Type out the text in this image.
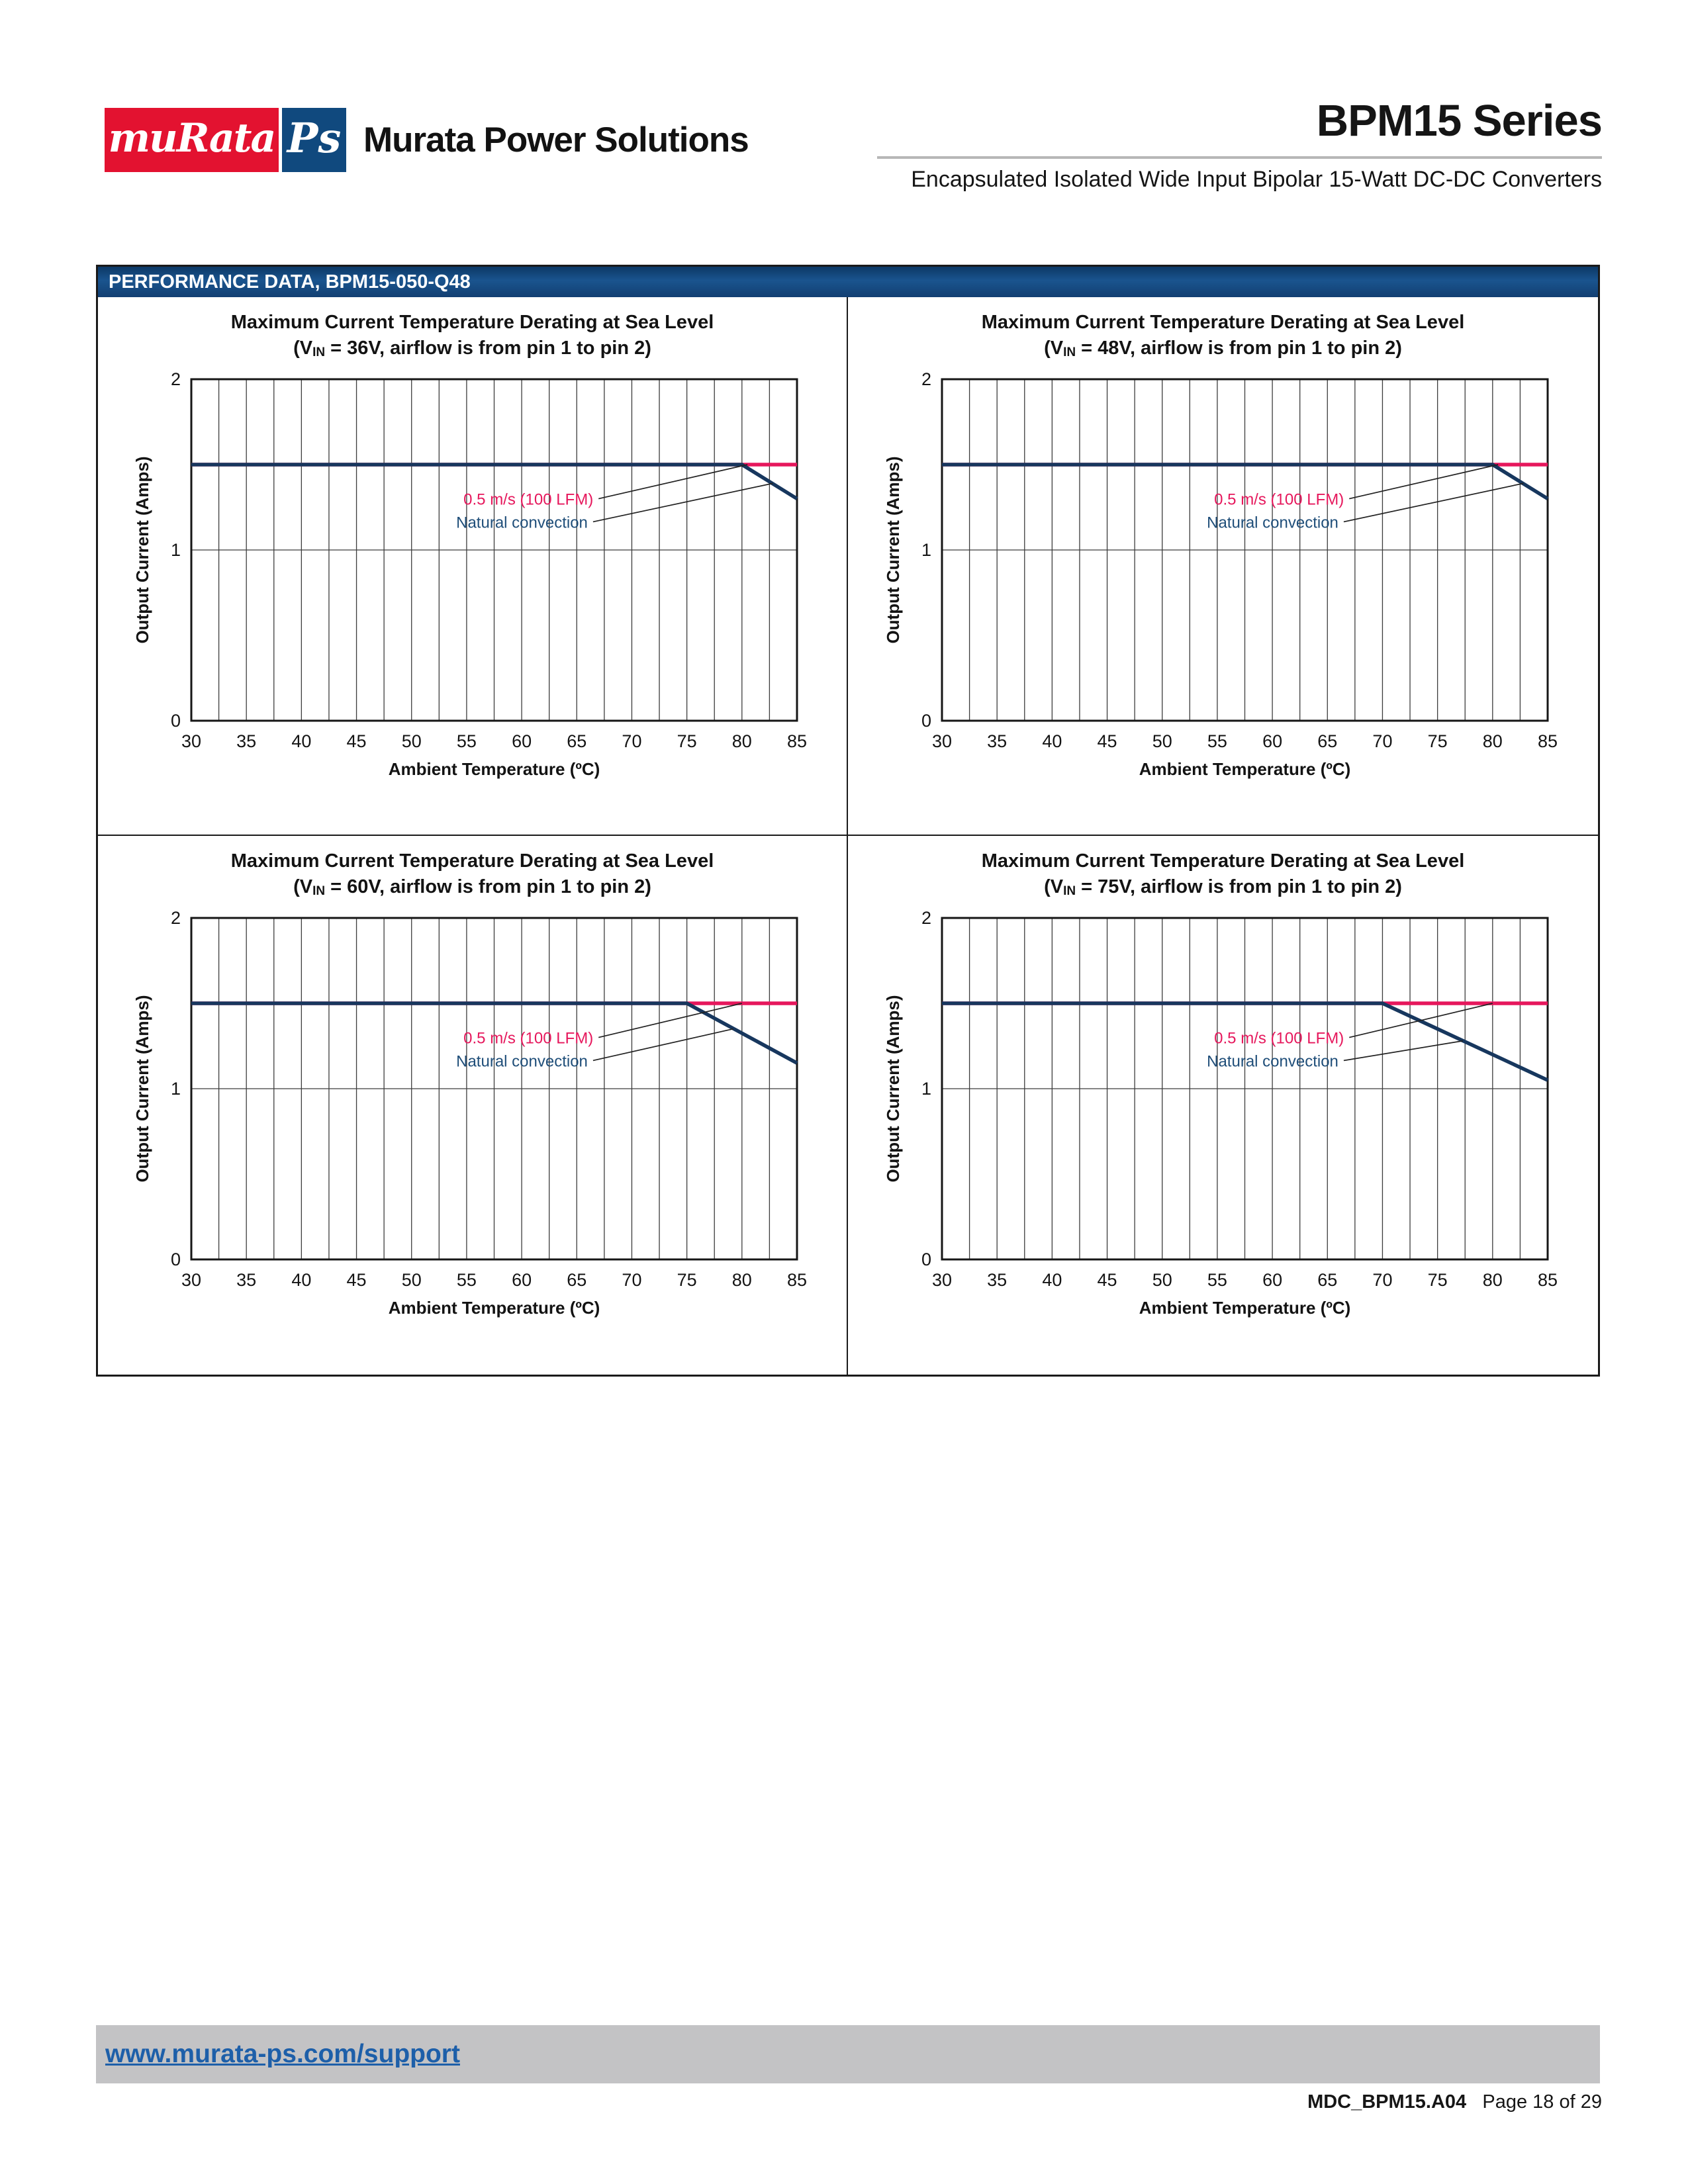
muRata Ps Murata Power Solutions	BPM15 Series
Encapsulated Isolated Wide Input Bipolar 15-Watt DC-DC Converters
PERFORMANCE DATA, BPM15-050-Q48
Maximum Current Temperature Derating at Sea Level
(VIN = 36V, airflow is from pin 1 to pin 2)
0.5 m/s (100 LFM)
Natural convection
0
1
2
30 35 40 45 50 55 60 65 70 75 80 85
Ambient Temperature (ºC)
Output Current (Amps)
Maximum Current Temperature Derating at Sea Level
(VIN = 48V, airflow is from pin 1 to pin 2)
0.5 m/s (100 LFM)
Natural convection
0
1
2
30 35 40 45 50 55 60 65 70 75 80 85
Ambient Temperature (ºC)
Output Current (Amps)
Maximum Current Temperature Derating at Sea Level
(VIN = 60V, airflow is from pin 1 to pin 2)
0.5 m/s (100 LFM)
Natural convection
0
1
2
30 35 40 45 50 55 60 65 70 75 80 85
Ambient Temperature (ºC)
Output Current (Amps)
Maximum Current Temperature Derating at Sea Level
(VIN = 75V, airflow is from pin 1 to pin 2)
0.5 m/s (100 LFM)
Natural convection
0
1
2
30 35 40 45 50 55 60 65 70 75 80 85
Ambient Temperature (ºC)
Output Current (Amps)
www.murata-ps.com/support
MDC_BPM15.A04 Page 18 of 29
